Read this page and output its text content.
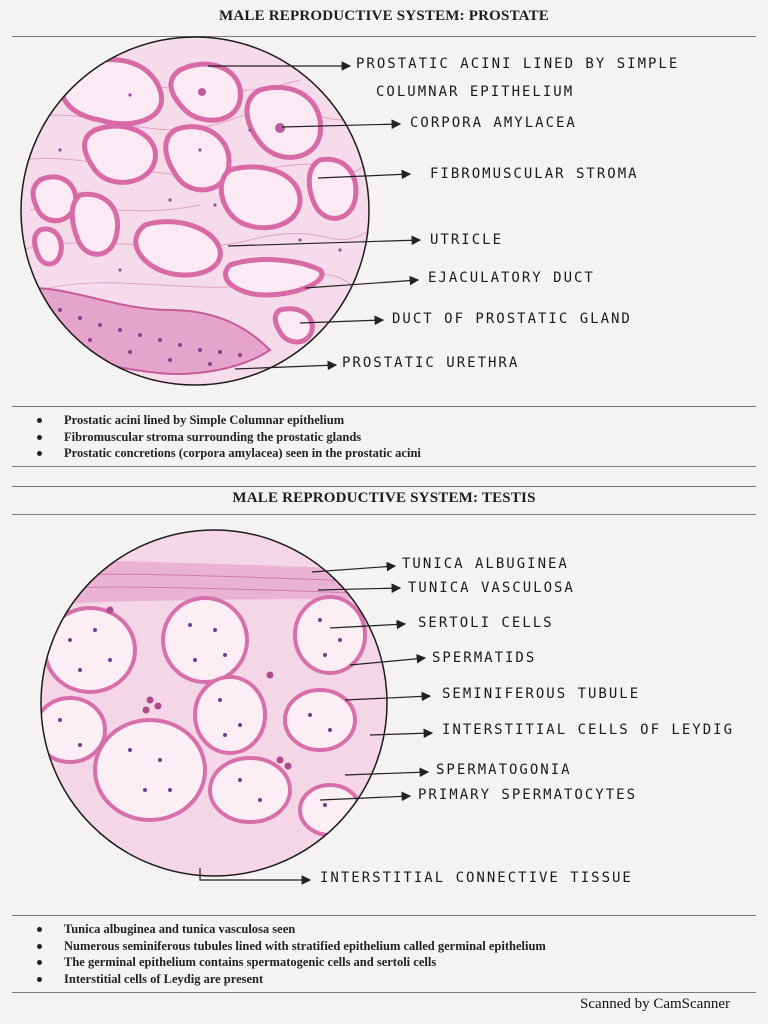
MALE REPRODUCTIVE SYSTEM: PROSTATE
PROSTATIC ACINI LINED BY SIMPLE
COLUMNAR EPITHELIUM
CORPORA AMYLACEA
FIBROMUSCULAR STROMA
UTRICLE
EJACULATORY DUCT
DUCT OF PROSTATIC GLAND
PROSTATIC URETHRA
Prostatic acini lined by Simple Columnar epithelium
Fibromuscular stroma surrounding the prostatic glands
Prostatic concretions (corpora amylacea) seen in the prostatic acini
MALE REPRODUCTIVE SYSTEM: TESTIS
TUNICA ALBUGINEA
TUNICA VASCULOSA
SERTOLI CELLS
SPERMATIDS
SEMINIFEROUS TUBULE
INTERSTITIAL CELLS OF LEYDIG
SPERMATOGONIA
PRIMARY SPERMATOCYTES
INTERSTITIAL CONNECTIVE TISSUE
Tunica albuginea and tunica vasculosa seen
Numerous seminiferous tubules lined with stratified epithelium called germinal epithelium
The germinal epithelium contains spermatogenic cells and sertoli cells
Interstitial cells of Leydig are present
Scanned by CamScanner
